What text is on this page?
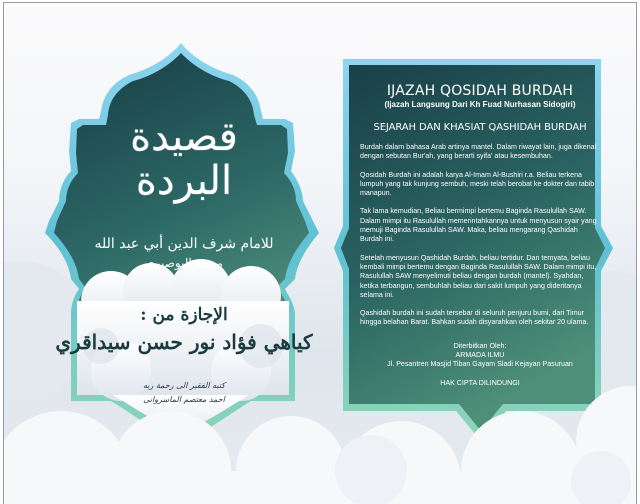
قصيدة البردة
للامام شرف الدين أبي عبد الله
محمد البوصيري
الإجازة من :
كياهي فؤاد نور حسن سيداقري
كتبه الفقير الى رحمة ربه
احمد معتصم الماسروانى
IJAZAH QOSIDAH BURDAH
(Ijazah Langsung Dari Kh Fuad Nurhasan Sidogiri)
SEJARAH DAN KHASIAT QASHIDAH BURDAH

Burdah dalam bahasa Arab artinya mantel. Dalam riwayat lain, juga dikenal dengan sebutan Bur'ah, yang berarti syifa' atau kesembuhan.

Qosidah Burdah ini adalah karya Al-Imam Al-Bushiri r.a. Beliau terkena lumpuh yang tak kunjung sembuh, meski telah berobat ke dokter dan tabib manapun.

Tak lama kemudian, Beliau bermimpi bertemu Baginda Rasulullah SAW. Dalam mimpi itu Rasulullah memerintahkannya untuk menyusun syair yang memuji Baginda Rasulullah SAW. Maka, beliau mengarang Qashidah Burdah ini.

Setelah menyusun Qashidah Burdah, beliau tertidur. Dan ternyata, beliau kembali mimpi bertemu dengan Baginda Rasulullah SAW. Dalam mimpi itu, Rasulullah SAW menyelimuti beliau dengan burdah (mantel). Syahdan, ketika terbangun, sembuhlah beliau dari sakit lumpuh yang dideritanya selama ini.

Qashidah burdah ini sudah tersebar di seluruh penjuru bumi, dari Timur hingga belahan Barat. Bahkan sudah disyarahkan oleh sekitar 20 ulama.

Diterbitkan Oleh:
ARMADA ILMU
Jl. Pesantren Masjid Tiban Gayam Sladi Kejayan Pasuruan
HAK CIPTA DILINDUNGI
